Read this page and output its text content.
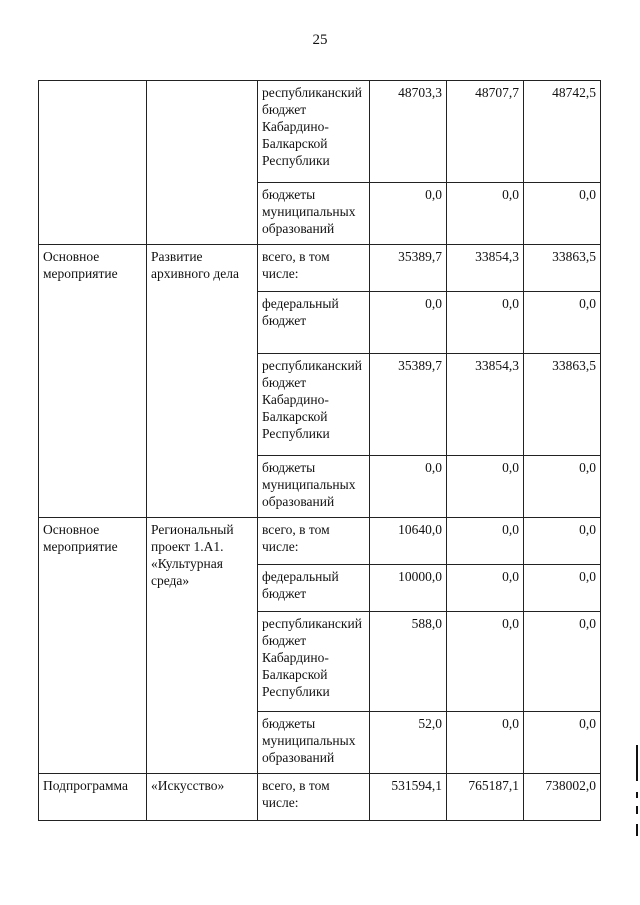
25
		республиканский бюджет Кабардино-Балкарской Республики	48703,3	48707,7	48742,5
		бюджеты муниципальных образований	0,0	0,0	0,0
Основное мероприятие	Развитие архивного дела	всего, в том числе:	35389,7	33854,3	33863,5
		федеральный бюджет	0,0	0,0	0,0
		республиканский бюджет Кабардино-Балкарской Республики	35389,7	33854,3	33863,5
		бюджеты муниципальных образований	0,0	0,0	0,0
Основное мероприятие	Региональный проект 1.А1. «Культурная среда»	всего, в том числе:	10640,0	0,0	0,0
		федеральный бюджет	10000,0	0,0	0,0
		республиканский бюджет Кабардино-Балкарской Республики	588,0	0,0	0,0
		бюджеты муниципальных образований	52,0	0,0	0,0
Подпрограмма	«Искусство»	всего, в том числе:	531594,1	765187,1	738002,0
